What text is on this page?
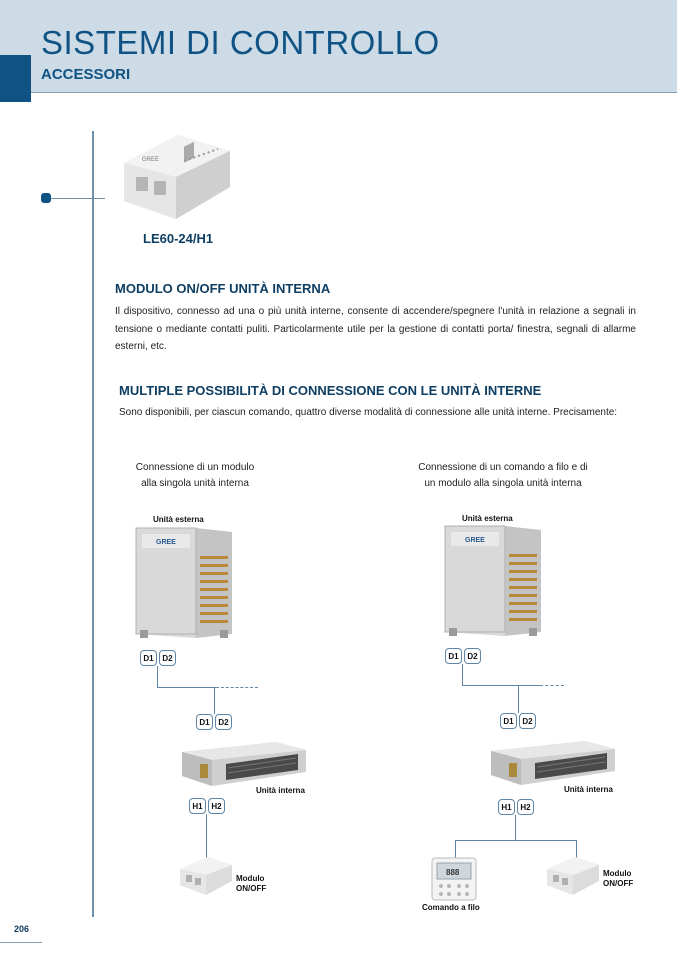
SISTEMI DI CONTROLLO
ACCESSORI
GREE
LE60-24/H1
MODULO ON/OFF UNITÀ INTERNA

Il dispositivo, connesso ad una o più unità interne, consente di accendere/spegnere l'unità in relazione a segnali in tensione o mediante contatti puliti. Particolarmente utile per la gestione di contatti porta/ finestra, segnali di allarme esterni, etc.

MULTIPLE POSSIBILITÀ DI CONNESSIONE CON LE UNITÀ INTERNE

Sono disponibili, per ciascun comando, quattro diverse modalità di connessione alle unità interne. Precisamente:

Connessione di un modulo
alla singola unità interna
Unità esterna
GREE
D1	D2
D1	D2
Unità interna
H1	H2
Modulo
ON/OFF
Connessione di un comando a filo e di
un modulo alla singola unità interna
Unità esterna
GREE
D1	D2
D1	D2
Unità interna
H1	H2
888
Comando a filo
Modulo
ON/OFF
206
